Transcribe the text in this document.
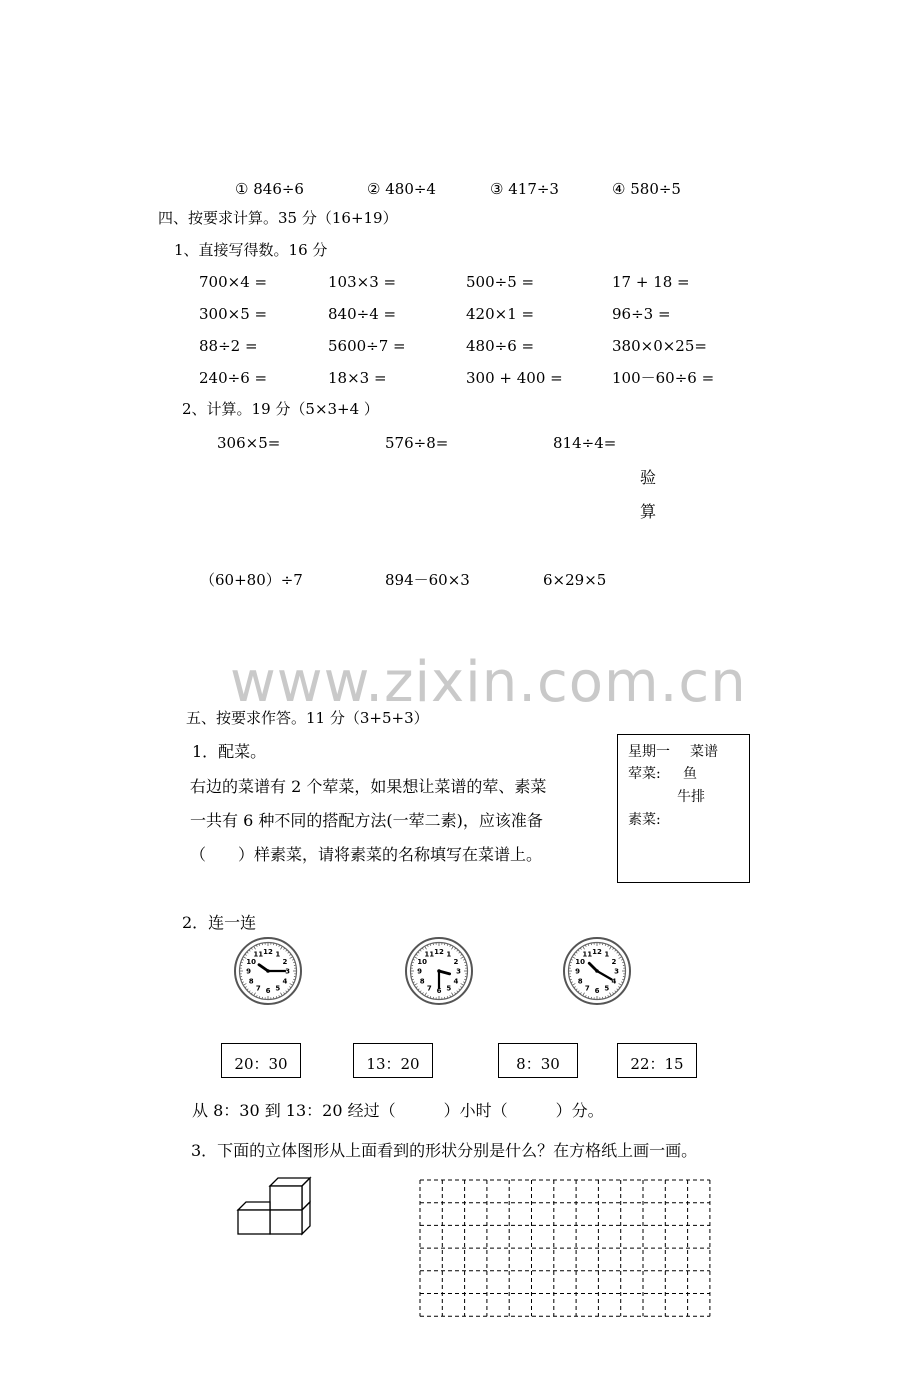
① 846÷6	② 480÷4	③ 417÷3	④ 580÷5
四、按要求计算。35 分（16+19）
1、直接写得数。16 分
700×4 =	103×3 =	500÷5 =	17 + 18 =
300×5 =	840÷4 =	420×1 =	96÷3 =
88÷2 =	5600÷7 =	480÷6 =	380×0×25=
240÷6 =	18×3 =	300 + 400 =	100－60÷6 =
2、计算。19 分（5×3+4 ）
306×5=	576÷8=	814÷4=
验
算
（60+80）÷7	894－60×3	6×29×5
www.zixin.com.cn
五、按要求作答。11 分（3+5+3）
1．配菜。
右边的菜谱有 2 个荤菜，如果想让菜谱的荤、素菜
一共有 6 种不同的搭配方法(一荤二素)，应该准备
（　　）样素菜，请将素菜的名称填写在菜谱上。
星期一 菜谱
荤菜: 鱼
牛排
素菜:
2．连一连
12 1
2
3
4
5
6
7
8
9
10
11	12 1
2
3
4
5
6
7
8
9
10
11	12 1
2
3
4
5
6
7
8
9
10
11
20：30	13：20	8：30	22：15
从 8：30 到 13：20 经过（　　　）小时（　　　）分。
3．下面的立体图形从上面看到的形状分别是什么？在方格纸上画一画。
